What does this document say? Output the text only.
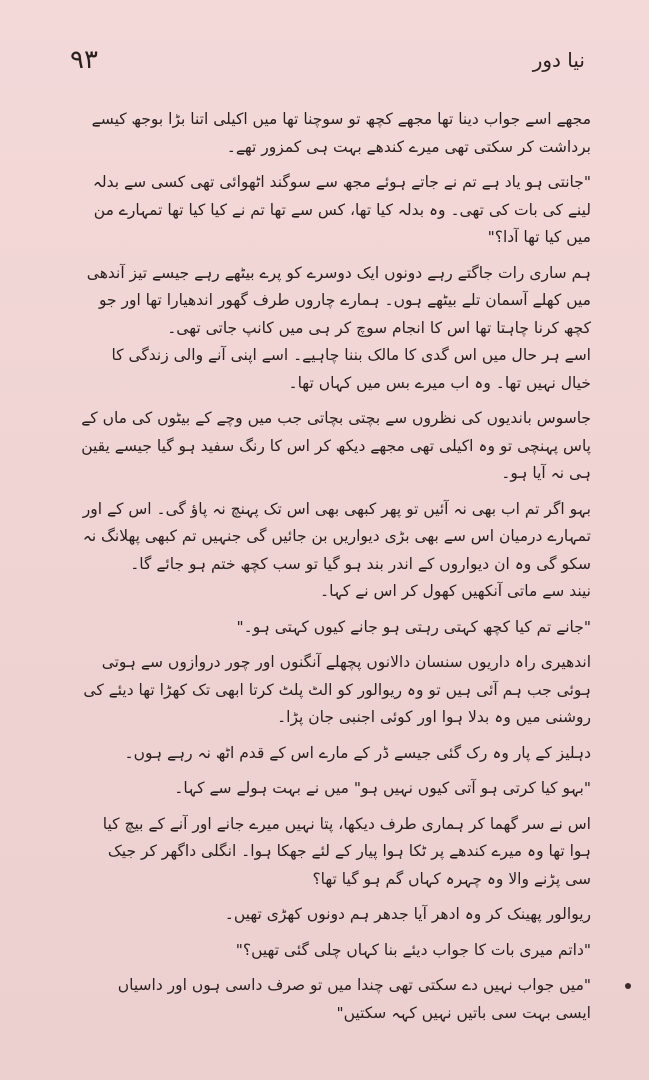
نیا دور
٩٣

مجھے اسے جواب دینا تھا مجھے کچھ تو سوچنا تھا میں اکیلی اتنا بڑا بوجھ کیسے برداشت کر سکتی تھی میرے کندھے بہت ہی کمزور تھے۔

"جانتی ہو یاد ہے تم نے جاتے ہوئے مجھ سے سوگند اٹھوائی تھی کسی سے بدلہ لینے کی بات کی تھی۔ وہ بدلہ کیا تھا، کس سے تھا تم نے کیا کیا تھا تمہارے من میں کیا تھا آدا؟"

ہم ساری رات جاگتے رہے دونوں ایک دوسرے کو پرے بیٹھے رہے جیسے تیز آندھی میں کھلے آسمان تلے بیٹھے ہوں۔ ہمارے چاروں طرف گھور اندھیارا تھا اور جو کچھ کرنا چاہتا تھا اس کا انجام سوچ کر ہی میں کانپ جاتی تھی۔

اسے ہر حال میں اس گدی کا مالک بننا چاہیے۔ اسے اپنی آنے والی زندگی کا خیال نہیں تھا۔ وہ اب میرے بس میں کہاں تھا۔

جاسوس باندیوں کی نظروں سے بچتی بچاتی جب میں وچے کے بیٹوں کی ماں کے پاس پہنچی تو وہ اکیلی تھی مجھے دیکھ کر اس کا رنگ سفید ہو گیا جیسے یقین ہی نہ آیا ہو۔

بہو اگر تم اب بھی نہ آئیں تو پھر کبھی بھی اس تک پہنچ نہ پاؤ گی۔ اس کے اور تمہارے درمیان اس سے بھی بڑی دیواریں بن جائیں گی جنہیں تم کبھی پھلانگ نہ سکو گی وہ ان دیواروں کے اندر بند ہو گیا تو سب کچھ ختم ہو جائے گا۔

نیند سے ماتی آنکھیں کھول کر اس نے کہا۔

"جانے تم کیا کچھ کہتی رہتی ہو جانے کیوں کہتی ہو۔"

اندھیری راہ داریوں سنسان دالانوں پچھلے آنگنوں اور چور دروازوں سے ہوتی ہوئی جب ہم آئی ہیں تو وہ ریوالور کو الٹ پلٹ کرتا ابھی تک کھڑا تھا دیئے کی روشنی میں وہ بدلا ہوا اور کوئی اجنبی جان پڑا۔

دہلیز کے پار وہ رک گئی جیسے ڈر کے مارے اس کے قدم اٹھ نہ رہے ہوں۔

"بہو کیا کرتی ہو آتی کیوں نہیں ہو" میں نے بہت ہولے سے کہا۔

اس نے سر گھما کر ہماری طرف دیکھا، پتا نہیں میرے جانے اور آنے کے بیچ کیا ہوا تھا وہ میرے کندھے پر ٹکا ہوا پیار کے لئے جھکا ہوا۔ انگلی داگھر کر جیک سی پڑنے والا وہ چہرہ کہاں گم ہو گیا تھا؟

ریوالور پھینک کر وہ ادھر آیا جدھر ہم دونوں کھڑی تھیں۔

"داتم میری بات کا جواب دیئے بنا کہاں چلی گئی تھیں؟"

"میں جواب نہیں دے سکتی تھی چندا میں تو صرف داسی ہوں اور داسیاں ایسی بہت سی باتیں نہیں کہہ سکتیں"
